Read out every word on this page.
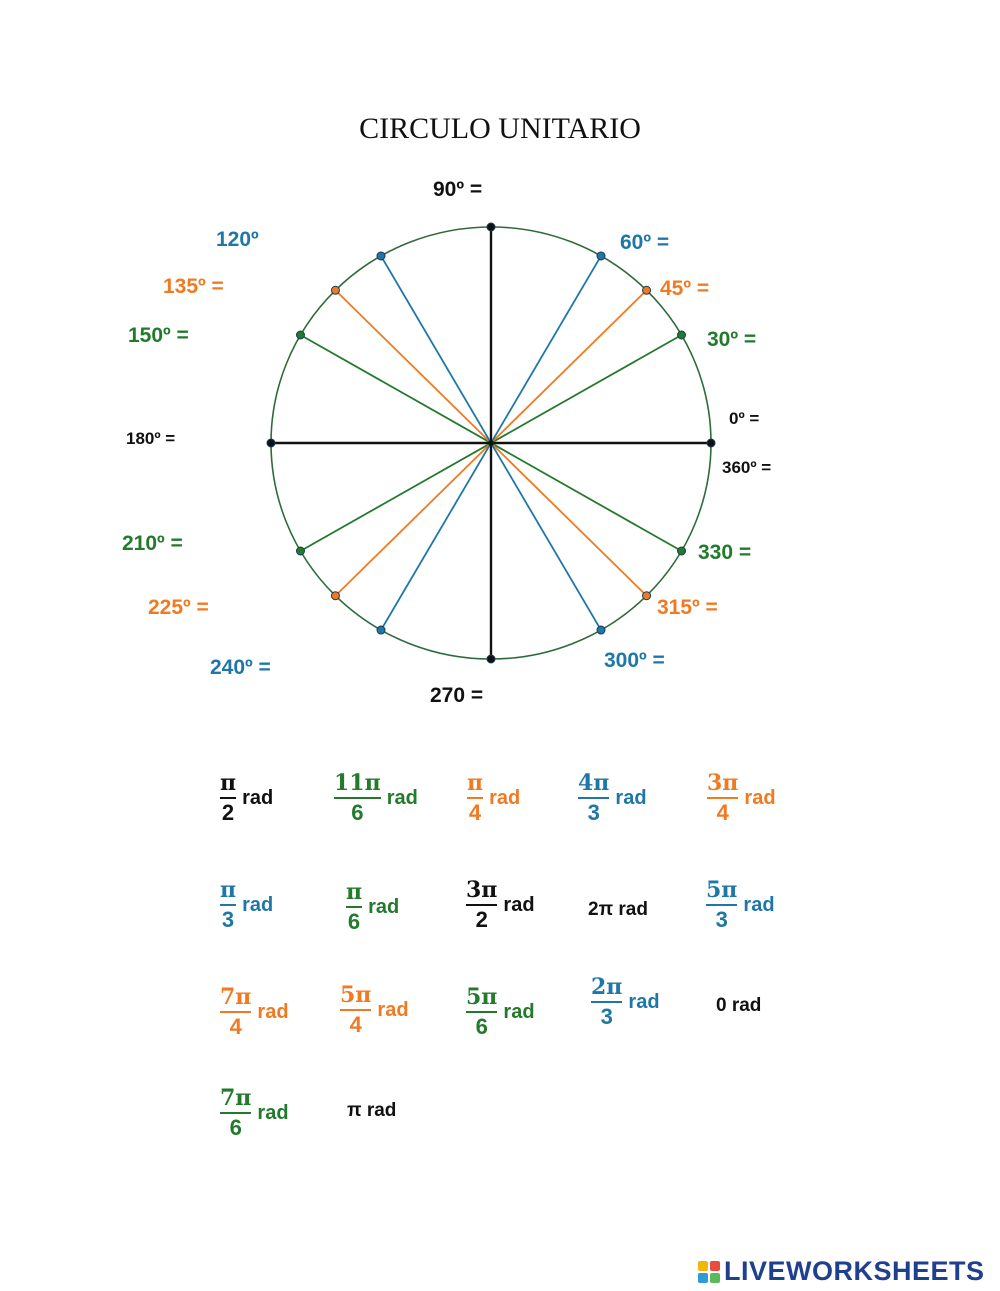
CIRCULO UNITARIO
90º =
60º =
45º =
30º =
0º =
360º =
330 =
315º =
300º =
270 =
240º =
225º =
210º =
180º =
150º =
135º =
120º
$\frac{\pi}{2}$ rad	$\frac{11\pi}{6}$ rad $\frac{\pi}{4}$ rad	$\frac{4\pi}{3}$ rad	$\frac{3\pi}{4}$ rad
$\frac{\pi}{3}$ rad	$\frac{\pi}{6}$ rad	$\frac{3\pi}{2}$ rad	2π rad	$\frac{5\pi}{3}$ rad
$\frac{7\pi}{4}$ rad $\frac{5\pi}{4}$ rad	$\frac{5\pi}{6}$ rad	$\frac{2\pi}{3}$ rad	0 rad
$\frac{7\pi}{6}$ rad	π rad
LIVEWORKSHEETS
